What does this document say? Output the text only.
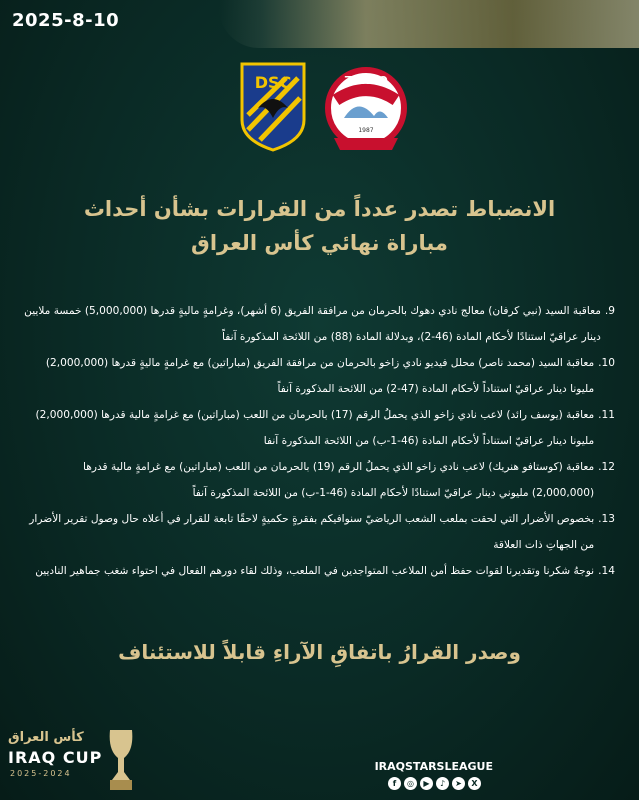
2025-8-10
DSC	ZAKHO
1987
الانضباط تصدر عدداً من القرارات بشأن أحداث
مباراة نهائي كأس العراق
9.
معاقبة السيد (نبي كرفان) معالج نادي دهوك بالحرمان من مرافقة الفريق (6 أشهر)، وغرامةٍ ماليةٍ قدرها (5,000,000) خمسة ملايين دينار عراقيّ استنادًا لأحكام المادة (46-2)، وبدلالة المادة (88) من اللائحة المذكورة آنفاً
10.
معاقبة السيد (محمد ناصر) محلل فيديو نادي زاخو بالحرمان من مرافقة الفريق (مباراتين) مع غرامةٍ ماليةٍ قدرها (2,000,000) مليونا دينار عراقيّ استناداً لأحكام المادة (47-2) من اللائحة المذكورة آنفاً
11.
معاقبة (يوسف رائد) لاعب نادي زاخو الذي يحملُ الرقم (17) بالحرمان من اللعب (مباراتين) مع غرامةٍ مالية قدرها (2,000,000) مليونا دينار عراقيّ استناداً لأحكام المادة (46-1-ب) من اللائحة المذكورة آنفا
12.
معاقبة (كوستافو هنريك) لاعب نادي زاخو الذي يحملُ الرقم (19) بالحرمان من اللعب (مباراتين) مع غرامةٍ مالية قدرها (2,000,000) مليوني دينار عراقيّ استنادًا لأحكام المادة (46-1-ب) من اللائحة المذكورة آنفاً
13.
بخصوص الأضرار التي لحقت بملعب الشعب الرياضيّ سنوافيكم بفقرةٍ حكميةٍ لاحقًا تابعة للقرار في أعلاه حال وصول تقرير الأضرار من الجهاتِ ذات العلاقة
14.
نوجهُ شكرنا وتقديرنا لقوات حفظ أمن الملاعب المتواجدين في الملعب، وذلك لقاء دورهم الفعال في احتواء شغب جماهير الناديين
وصدر القرارُ باتفاقِ الآراءِ قابلاً للاستئناف
كأس العراق
IRAQ CUP
2025-2024
IRAQSTARSLEAGUE
f	◎	▶	♪	➤	X
